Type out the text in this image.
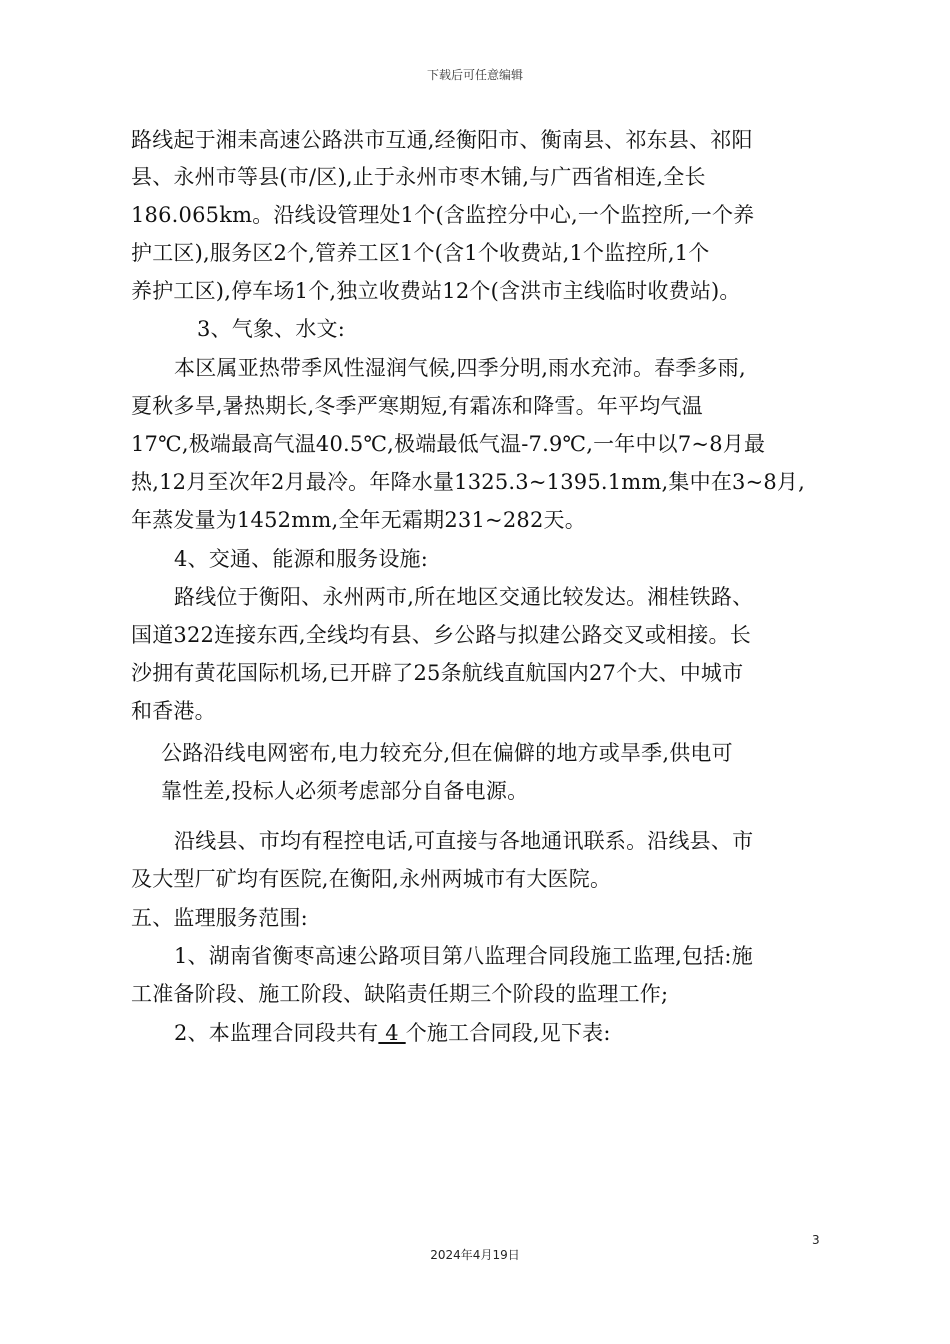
下载后可任意编辑
路线起于湘耒高速公路洪市互通,经衡阳市、衡南县、祁东县、祁阳
县、永州市等县(市/区),止于永州市枣木铺,与广西省相连,全长
186.065km。沿线设管理处1个(含监控分中心,一个监控所,一个养
护工区),服务区2个,管养工区1个(含1个收费站,1个监控所,1个
养护工区),停车场1个,独立收费站12个(含洪市主线临时收费站)。
3、气象、水文:
本区属亚热带季风性湿润气候,四季分明,雨水充沛。春季多雨,
夏秋多旱,暑热期长,冬季严寒期短,有霜冻和降雪。年平均气温
17℃,极端最高气温40.5℃,极端最低气温-7.9℃,一年中以7~8月最
热,12月至次年2月最冷。年降水量1325.3~1395.1mm,集中在3~8月,
年蒸发量为1452mm,全年无霜期231~282天。
4、交通、能源和服务设施:
路线位于衡阳、永州两市,所在地区交通比较发达。湘桂铁路、
国道322连接东西,全线均有县、乡公路与拟建公路交叉或相接。长
沙拥有黄花国际机场,已开辟了25条航线直航国内27个大、中城市
和香港。
公路沿线电网密布,电力较充分,但在偏僻的地方或旱季,供电可
靠性差,投标人必须考虑部分自备电源。
沿线县、市均有程控电话,可直接与各地通讯联系。沿线县、市
及大型厂矿均有医院,在衡阳,永州两城市有大医院。
五、监理服务范围:
1、湖南省衡枣高速公路项目第八监理合同段施工监理,包括:施
工准备阶段、施工阶段、缺陷责任期三个阶段的监理工作;
2、本监理合同段共有 4 个施工合同段,见下表:
3
2024年4月19日
